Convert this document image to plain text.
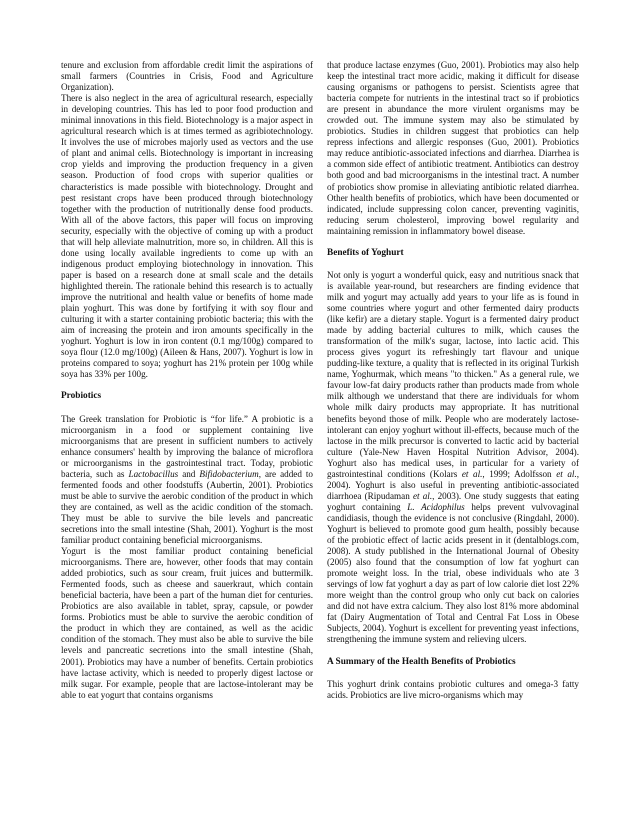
tenure and exclusion from affordable credit limit the aspirations of small farmers (Countries in Crisis, Food and Agriculture Organization).

There is also neglect in the area of agricultural research, especially in developing countries. This has led to poor food production and minimal innovations in this field. Biotechnology is a major aspect in agricultural research which is at times termed as agribiotechnology. It involves the use of microbes majorly used as vectors and the use of plant and animal cells. Biotechnology is important in increasing crop yields and improving the production frequency in a given season. Production of food crops with superior qualities or characteristics is made possible with biotechnology. Drought and pest resistant crops have been produced through biotechnology together with the production of nutritionally dense food products. With all of the above factors, this paper will focus on improving security, especially with the objective of coming up with a product that will help alleviate malnutrition, more so, in children. All this is done using locally available ingredients to come up with an indigenous product employing biotechnology in innovation. This paper is based on a research done at small scale and the details highlighted therein. The rationale behind this research is to actually improve the nutritional and health value or benefits of home made plain yoghurt. This was done by fortifying it with soy flour and culturing it with a starter containing probiotic bacteria; this with the aim of increasing the protein and iron amounts specifically in the yoghurt. Yoghurt is low in iron content (0.1 mg/100g) compared to soya flour (12.0 mg/100g) (Aileen & Hans, 2007). Yoghurt is low in proteins compared to soya; yoghurt has 21% protein per 100g while soya has 33% per 100g.

Probiotics

The Greek translation for Probiotic is “for life.” A probiotic is a microorganism in a food or supplement containing live microorganisms that are present in sufficient numbers to actively enhance consumers' health by improving the balance of microflora or microorganisms in the gastrointestinal tract. Today, probiotic bacteria, such as Lactobacillus and Bifidobacterium, are added to fermented foods and other foodstuffs (Aubertin, 2001). Probiotics must be able to survive the aerobic condition of the product in which they are contained, as well as the acidic condition of the stomach. They must be able to survive the bile levels and pancreatic secretions into the small intestine (Shah, 2001). Yoghurt is the most familiar product containing beneficial microorganisms.

Yogurt is the most familiar product containing beneficial microorganisms. There are, however, other foods that may contain added probiotics, such as sour cream, fruit juices and buttermilk. Fermented foods, such as cheese and sauerkraut, which contain beneficial bacteria, have been a part of the human diet for centuries. Probiotics are also available in tablet, spray, capsule, or powder forms. Probiotics must be able to survive the aerobic condition of the product in which they are contained, as well as the acidic condition of the stomach. They must also be able to survive the bile levels and pancreatic secretions into the small intestine (Shah, 2001). Probiotics may have a number of benefits. Certain probiotics have lactase activity, which is needed to properly digest lactose or milk sugar. For example, people that are lactose-intolerant may be able to eat yogurt that contains organisms

that produce lactase enzymes (Guo, 2001). Probiotics may also help keep the intestinal tract more acidic, making it difficult for disease causing organisms or pathogens to persist. Scientists agree that bacteria compete for nutrients in the intestinal tract so if probiotics are present in abundance the more virulent organisms may be crowded out. The immune system may also be stimulated by probiotics. Studies in children suggest that probiotics can help repress infections and allergic responses (Guo, 2001). Probiotics may reduce antibiotic-associated infections and diarrhea. Diarrhea is a common side effect of antibiotic treatment. Antibiotics can destroy both good and bad microorganisms in the intestinal tract. A number of probiotics show promise in alleviating antibiotic related diarrhea. Other health benefits of probiotics, which have been documented or indicated, include suppressing colon cancer, preventing vaginitis, reducing serum cholesterol, improving bowel regularity and maintaining remission in inflammatory bowel disease.

Benefits of Yoghurt

Not only is yogurt a wonderful quick, easy and nutritious snack that is available year-round, but researchers are finding evidence that milk and yogurt may actually add years to your life as is found in some countries where yogurt and other fermented dairy products (like kefir) are a dietary staple. Yogurt is a fermented dairy product made by adding bacterial cultures to milk, which causes the transformation of the milk's sugar, lactose, into lactic acid. This process gives yogurt its refreshingly tart flavour and unique pudding-like texture, a quality that is reflected in its original Turkish name, Yoghurmak, which means "to thicken." As a general rule, we favour low-fat dairy products rather than products made from whole milk although we understand that there are individuals for whom whole milk dairy products may appropriate. It has nutritional benefits beyond those of milk. People who are moderately lactose-intolerant can enjoy yoghurt without ill-effects, because much of the lactose in the milk precursor is converted to lactic acid by bacterial culture (Yale-New Haven Hospital Nutrition Advisor, 2004). Yoghurt also has medical uses, in particular for a variety of gastrointestinal conditions (Kolars et al., 1999; Adolfsson et al., 2004). Yoghurt is also useful in preventing antibiotic-associated diarrhoea (Ripudaman et al., 2003). One study suggests that eating yoghurt containing L. Acidophilus helps prevent vulvovaginal candidiasis, though the evidence is not conclusive (Ringdahl, 2000). Yoghurt is believed to promote good gum health, possibly because of the probiotic effect of lactic acids present in it (dentalblogs.com, 2008). A study published in the International Journal of Obesity (2005) also found that the consumption of low fat yoghurt can promote weight loss. In the trial, obese individuals who ate 3 servings of low fat yoghurt a day as part of low calorie diet lost 22% more weight than the control group who only cut back on calories and did not have extra calcium. They also lost 81% more abdominal fat (Dairy Augmentation of Total and Central Fat Loss in Obese Subjects, 2004). Yoghurt is excellent for preventing yeast infections, strengthening the immune system and relieving ulcers.

A Summary of the Health Benefits of Probiotics

This yoghurt drink contains probiotic cultures and omega-3 fatty acids. Probiotics are live micro-organisms which may
